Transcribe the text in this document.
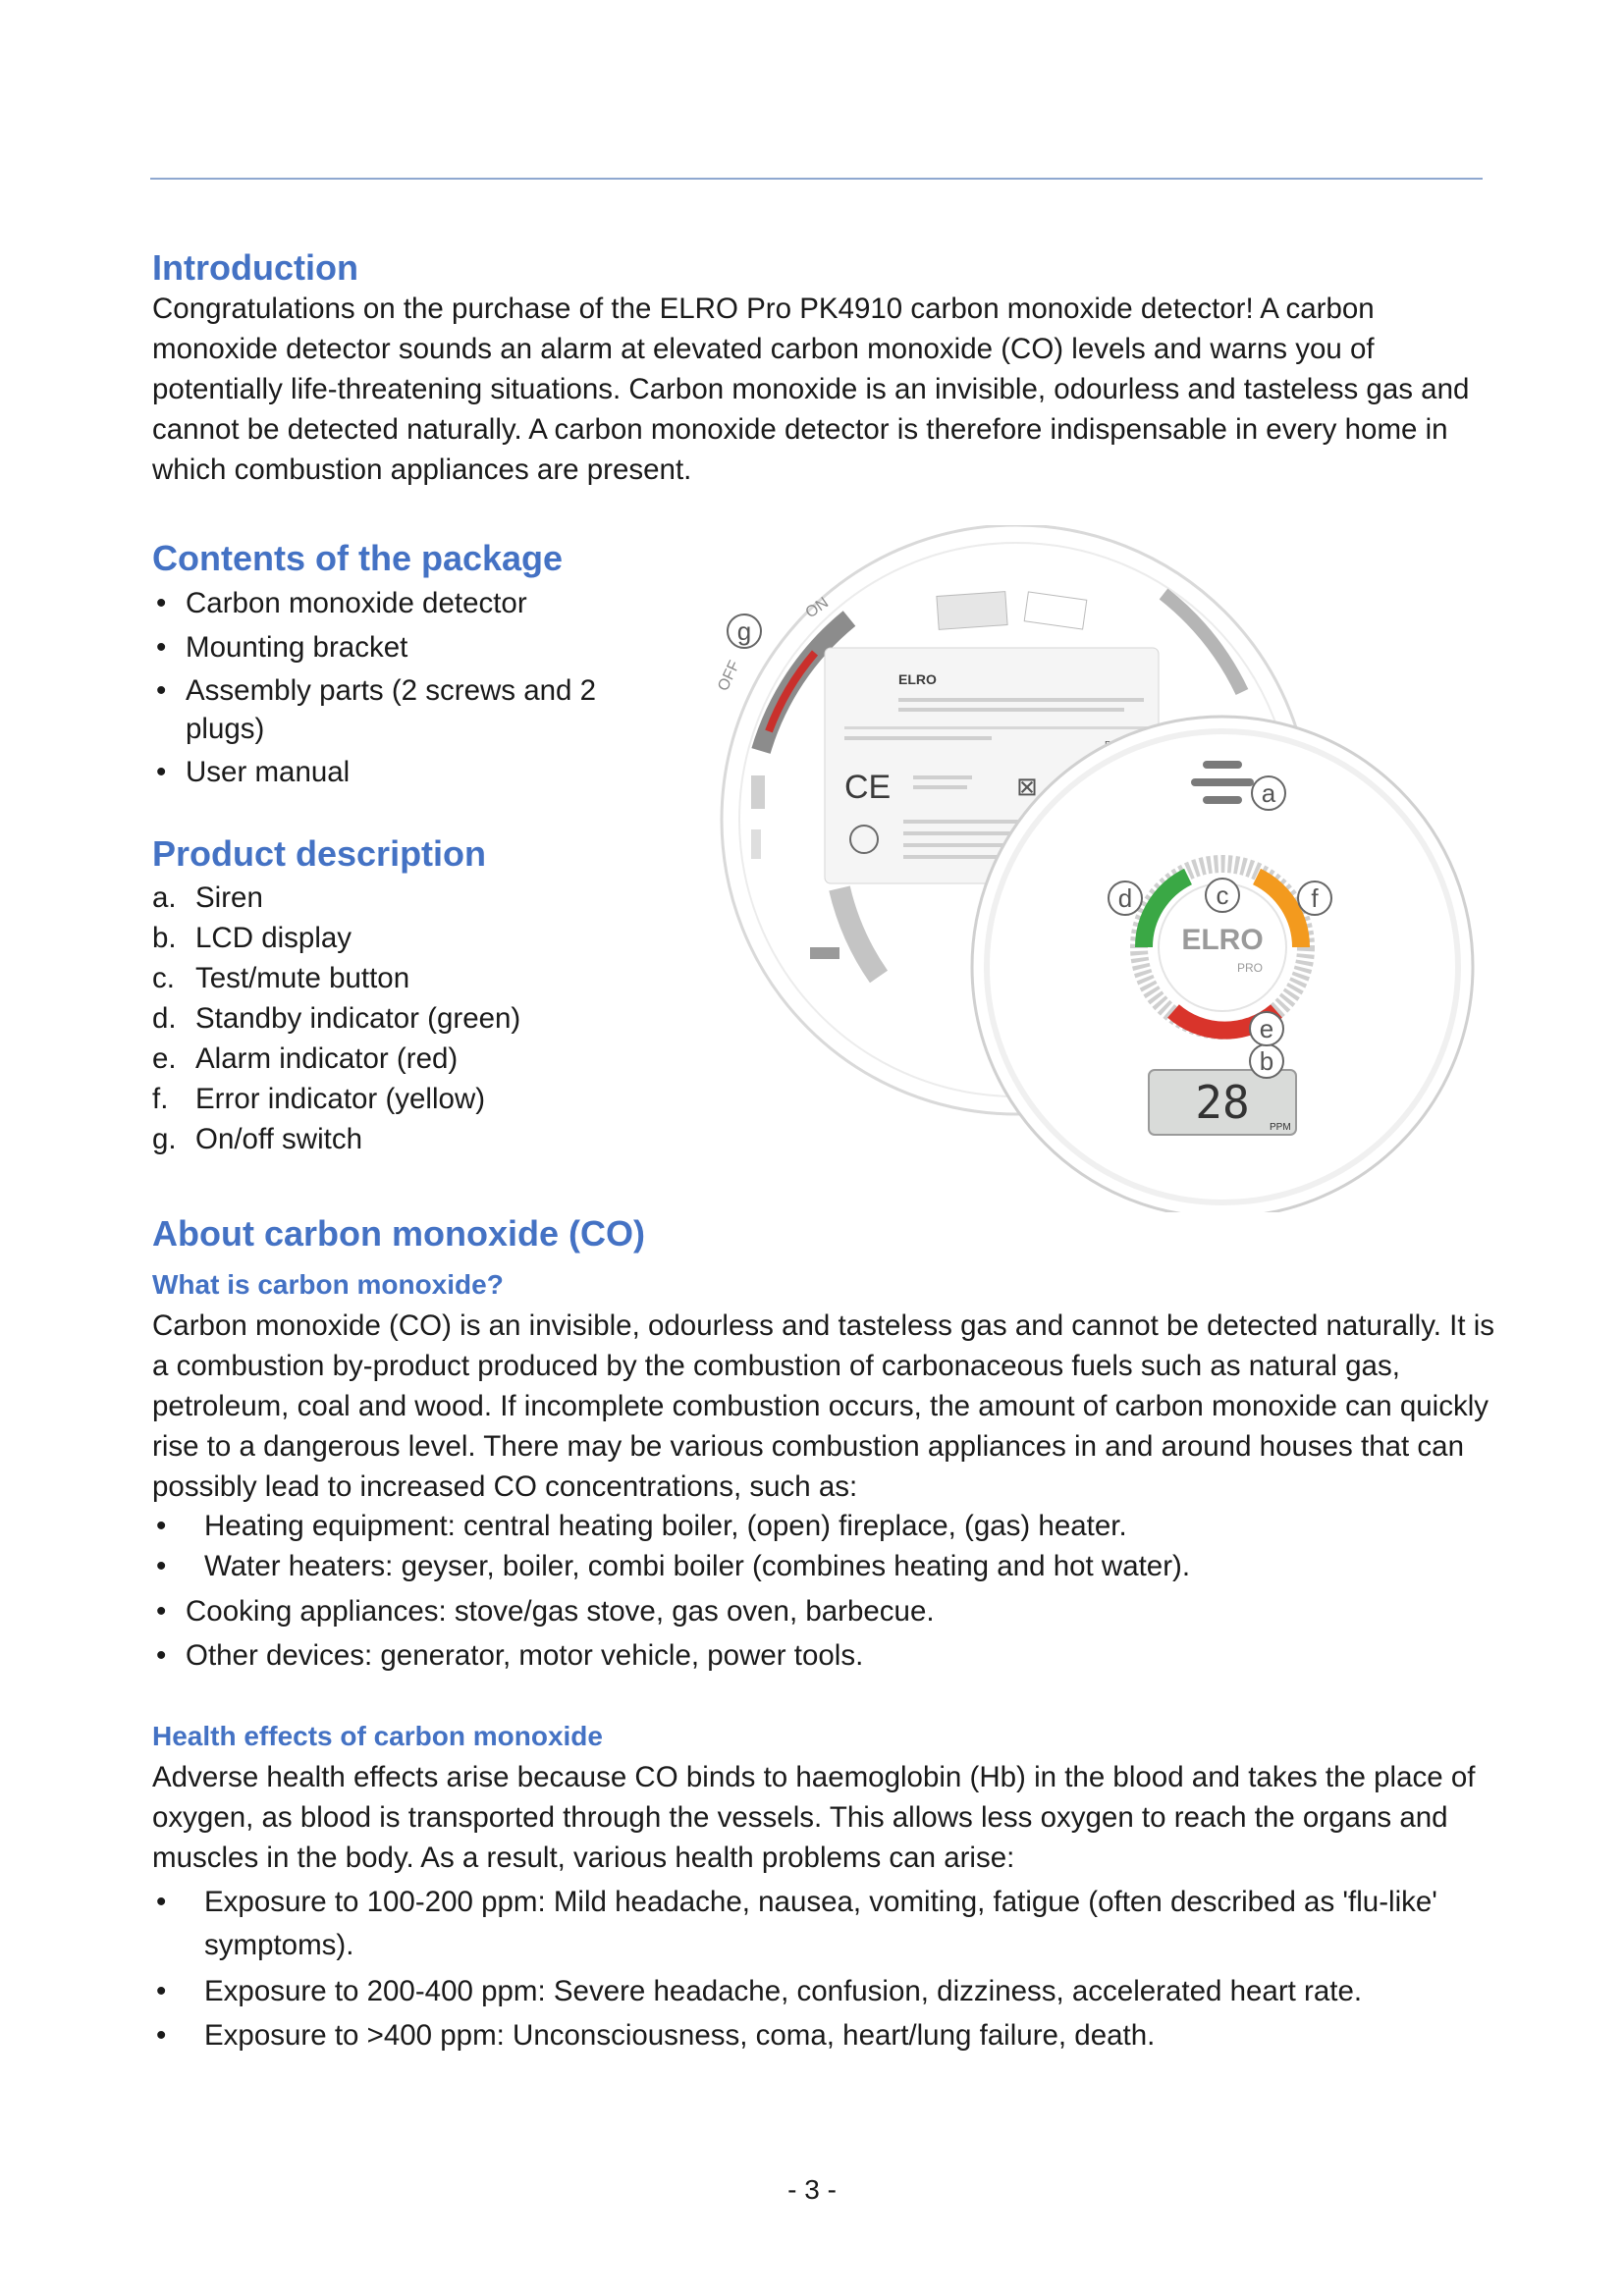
Introduction

Congratulations on the purchase of the ELRO Pro PK4910 carbon monoxide detector! A carbon monoxide detector sounds an alarm at elevated carbon monoxide (CO) levels and warns you of potentially life-threatening situations. Carbon monoxide is an invisible, odourless and tasteless gas and cannot be detected naturally. A carbon monoxide detector is therefore indispensable in every home in which combustion appliances are present.

Contents of the package
• Carbon monoxide detector
• Mounting bracket
• Assembly parts (2 screws and 2 plugs)
• User manual
Product description
a. Siren
b. LCD display
c. Test/mute button
d. Standby indicator (green)
e. Alarm indicator (red)
f. Error indicator (yellow)
g. On/off switch
ELRO
CE	⊠
OFF
ON
ELRO
PRO
28 PPM
a
b
c
d
e
f
g
About carbon monoxide (CO)
What is carbon monoxide?

Carbon monoxide (CO) is an invisible, odourless and tasteless gas and cannot be detected naturally. It is a combustion by-product produced by the combustion of carbonaceous fuels such as natural gas, petroleum, coal and wood. If incomplete combustion occurs, the amount of carbon monoxide can quickly rise to a dangerous level. There may be various combustion appliances in and around houses that can possibly lead to increased CO concentrations, such as:

• Heating equipment: central heating boiler, (open) fireplace, (gas) heater.
• Water heaters: geyser, boiler, combi boiler (combines heating and hot water).
• Cooking appliances: stove/gas stove, gas oven, barbecue.
• Other devices: generator, motor vehicle, power tools.
Health effects of carbon monoxide

Adverse health effects arise because CO binds to haemoglobin (Hb) in the blood and takes the place of oxygen, as blood is transported through the vessels. This allows less oxygen to reach the organs and muscles in the body. As a result, various health problems can arise:

• Exposure to 100-200 ppm: Mild headache, nausea, vomiting, fatigue (often described as 'flu-like' symptoms).
• Exposure to 200-400 ppm: Severe headache, confusion, dizziness, accelerated heart rate.
• Exposure to >400 ppm: Unconsciousness, coma, heart/lung failure, death.
- 3 -
